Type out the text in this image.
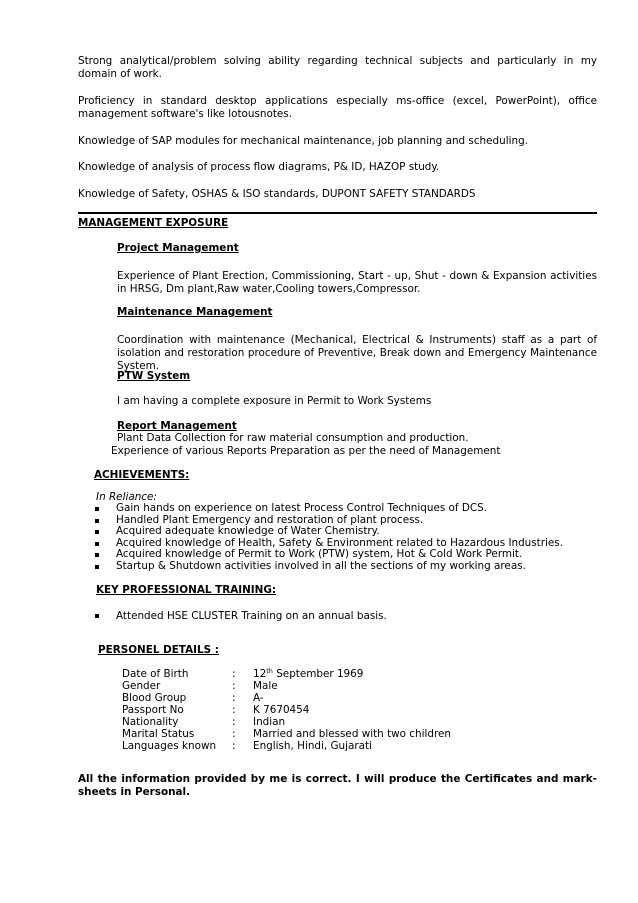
Strong analytical/problem solving ability regarding technical subjects and particularly in my domain of work.
Proficiency in standard desktop applications especially ms-office (excel, PowerPoint), office management software's like lotousnotes.
Knowledge of SAP modules for mechanical maintenance, job planning and scheduling.
Knowledge of analysis of process flow diagrams, P& ID, HAZOP study.
Knowledge of Safety, OSHAS & ISO standards, DUPONT SAFETY STANDARDS
MANAGEMENT EXPOSURE
Project Management
Experience of Plant Erection, Commissioning, Start - up, Shut - down & Expansion activities in HRSG, Dm plant,Raw water,Cooling towers,Compressor.
Maintenance Management
Coordination with maintenance (Mechanical, Electrical & Instruments) staff as a part of isolation and restoration procedure of Preventive, Break down and Emergency Maintenance System.
PTW System
I am having a complete exposure in Permit to Work Systems
Report Management
Plant Data Collection for raw material consumption and production.
Experience of various Reports Preparation as per the need of Management
ACHIEVEMENTS:
In Reliance:
Gain hands on experience on latest Process Control Techniques of DCS.
Handled Plant Emergency and restoration of plant process.
Acquired adequate knowledge of Water Chemistry.
Acquired knowledge of Health, Safety & Environment related to Hazardous Industries.
Acquired knowledge of Permit to Work (PTW) system, Hot & Cold Work Permit.
Startup & Shutdown activities involved in all the sections of my working areas.
KEY PROFESSIONAL TRAINING:
Attended HSE CLUSTER Training on an annual basis.
PERSONEL DETAILS :
Date of Birth	: 12th September 1969
Gender	: Male
Blood Group	: A-
Passport No	: K 7670454
Nationality	: Indian
Marital Status	: Married and blessed with two children
Languages known : English, Hindi, Gujarati
All the information provided by me is correct. I will produce the Certificates and mark-sheets in Personal.
